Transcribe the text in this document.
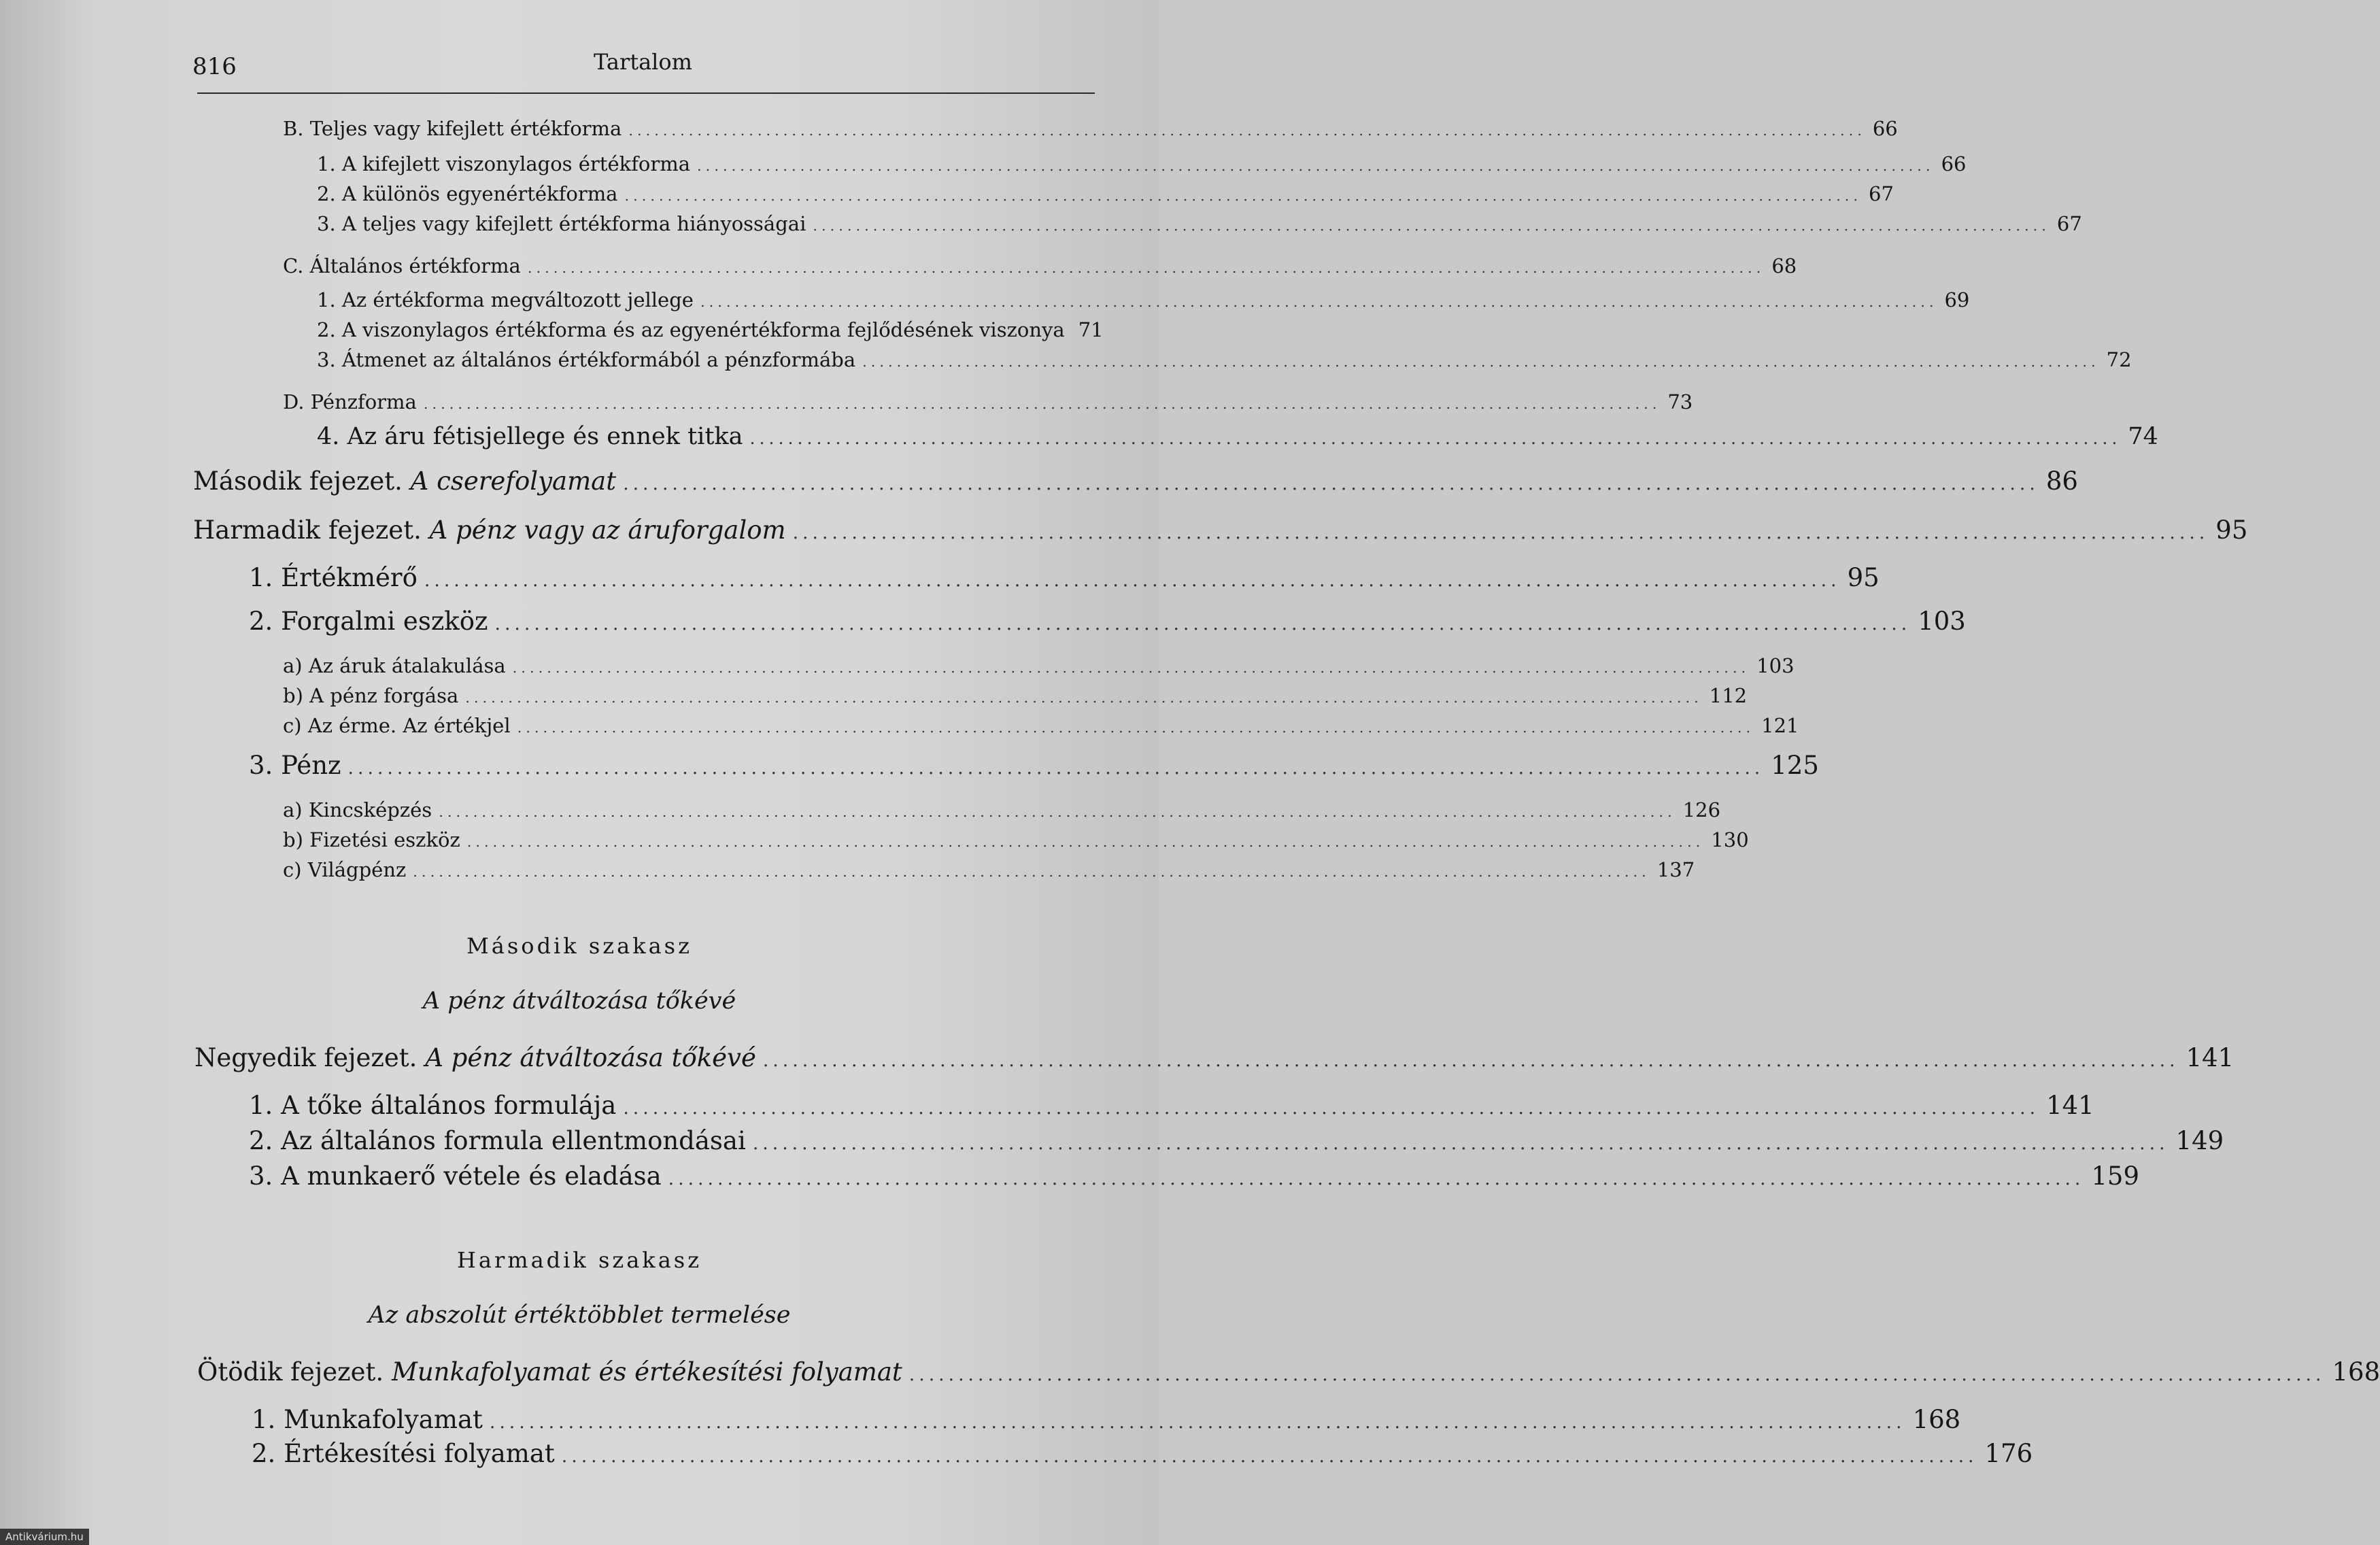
816	Tartalom
B. Teljes vagy kifejlett értékforma ................................................................................................................................................ 66
1. A kifejlett viszonylagos értékforma ................................................................................................................................................ 66
2. A különös egyenértékforma ................................................................................................................................................ 67
3. A teljes vagy kifejlett értékforma hiányosságai ................................................................................................................................................ 67
C. Általános értékforma ................................................................................................................................................ 68
1. Az értékforma megváltozott jellege ................................................................................................................................................ 69
2. A viszonylagos értékforma és az egyenértékforma fejlődésének viszonya 71
3. Átmenet az általános értékformából a pénzformába ................................................................................................................................................ 72
D. Pénzforma ................................................................................................................................................ 73
4. Az áru fétisjellege és ennek titka ................................................................................................................................................ 74
Második fejezet. A cserefolyamat ................................................................................................................................................ 86
Harmadik fejezet. A pénz vagy az áruforgalom ................................................................................................................................................ 95
1. Értékmérő ................................................................................................................................................ 95
2. Forgalmi eszköz ................................................................................................................................................ 103
a) Az áruk átalakulása ................................................................................................................................................ 103
b) A pénz forgása ................................................................................................................................................ 112
c) Az érme. Az értékjel ................................................................................................................................................ 121
3. Pénz ................................................................................................................................................ 125
a) Kincsképzés ................................................................................................................................................ 126
b) Fizetési eszköz ................................................................................................................................................ 130
c) Világpénz ................................................................................................................................................ 137
Második szakasz
A pénz átváltozása tőkévé
Negyedik fejezet. A pénz átváltozása tőkévé ................................................................................................................................................ 141
1. A tőke általános formulája ................................................................................................................................................ 141
2. Az általános formula ellentmondásai ................................................................................................................................................ 149
3. A munkaerő vétele és eladása ................................................................................................................................................ 159
Harmadik szakasz
Az abszolút értéktöbblet termelése
Ötödik fejezet. Munkafolyamat és értékesítési folyamat ................................................................................................................................................ 168
1. Munkafolyamat ................................................................................................................................................ 168
2. Értékesítési folyamat ................................................................................................................................................ 176
Antikvárium.hu
